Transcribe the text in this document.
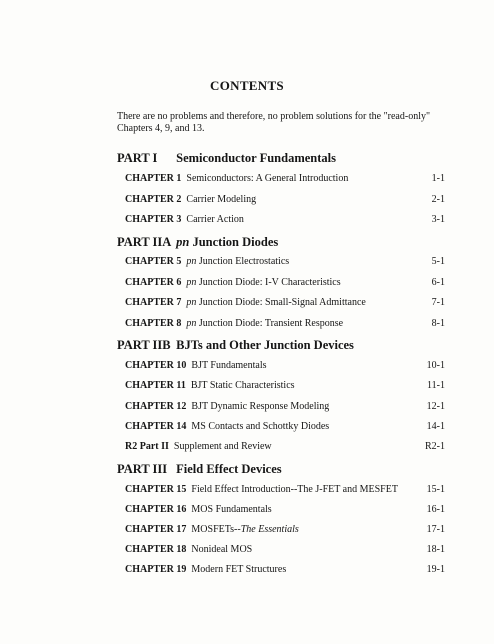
CONTENTS
There are no problems and therefore, no problem solutions for the "read-only" Chapters 4, 9, and 13.
PART I Semiconductor Fundamentals
CHAPTER 1 Semiconductors: A General Introduction	1-1
CHAPTER 2 Carrier Modeling	2-1
CHAPTER 3 Carrier Action	3-1
PART IIA pn Junction Diodes
CHAPTER 5 pn Junction Electrostatics	5-1
CHAPTER 6 pn Junction Diode: I-V Characteristics	6-1
CHAPTER 7 pn Junction Diode: Small-Signal Admittance	7-1
CHAPTER 8 pn Junction Diode: Transient Response	8-1
PART IIB BJTs and Other Junction Devices
CHAPTER 10 BJT Fundamentals	10-1
CHAPTER 11 BJT Static Characteristics	11-1
CHAPTER 12 BJT Dynamic Response Modeling	12-1
CHAPTER 14 MS Contacts and Schottky Diodes	14-1
R2 Part II Supplement and Review	R2-1
PART III Field Effect Devices
CHAPTER 15 Field Effect Introduction--The J-FET and MESFET	15-1
CHAPTER 16 MOS Fundamentals	16-1
CHAPTER 17 MOSFETs--The Essentials	17-1
CHAPTER 18 Nonideal MOS	18-1
CHAPTER 19 Modern FET Structures	19-1
